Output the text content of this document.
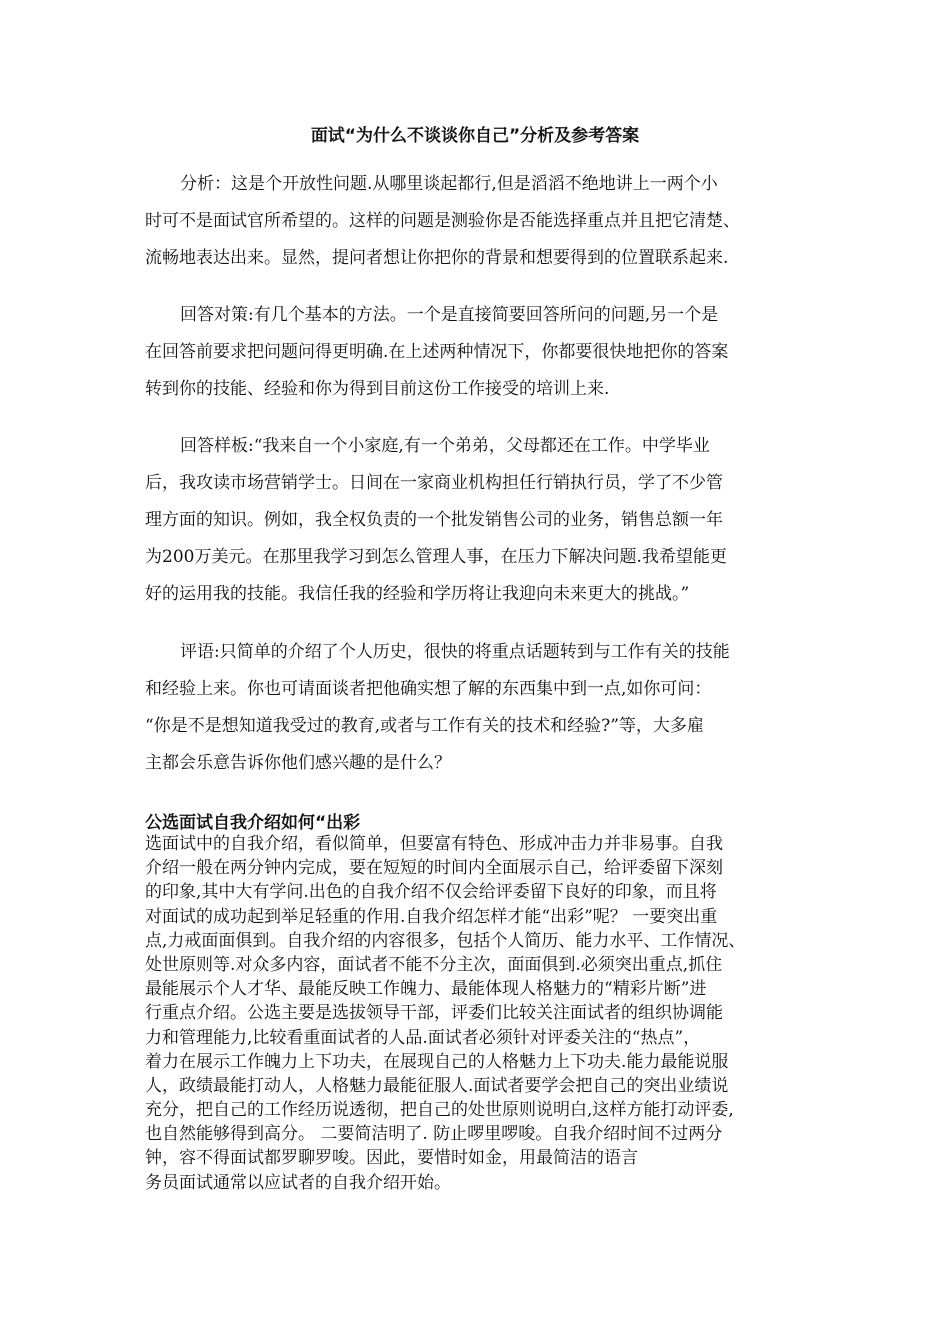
面试“为什么不谈谈你自己”分析及参考答案
分析：这是个开放性问题.从哪里谈起都行,但是滔滔不绝地讲上一两个小
时可不是面试官所希望的。这样的问题是测验你是否能选择重点并且把它清楚、
流畅地表达出来。显然，提问者想让你把你的背景和想要得到的位置联系起来.
回答对策:有几个基本的方法。一个是直接简要回答所问的问题,另一个是
在回答前要求把问题问得更明确.在上述两种情况下，你都要很快地把你的答案
转到你的技能、经验和你为得到目前这份工作接受的培训上来.
回答样板:“我来自一个小家庭,有一个弟弟，父母都还在工作。中学毕业
后，我攻读市场营销学士。日间在一家商业机构担任行销执行员，学了不少管
理方面的知识。例如，我全权负责的一个批发销售公司的业务，销售总额一年
为200万美元。在那里我学习到怎么管理人事，在压力下解决问题.我希望能更
好的运用我的技能。我信任我的经验和学历将让我迎向未来更大的挑战。”
评语:只简单的介绍了个人历史，很快的将重点话题转到与工作有关的技能
和经验上来。你也可请面谈者把他确实想了解的东西集中到一点,如你可问：
“你是不是想知道我受过的教育,或者与工作有关的技术和经验?”等，大多雇
主都会乐意告诉你他们感兴趣的是什么？
公选面试自我介绍如何“出彩
选面试中的自我介绍，看似简单，但要富有特色、形成冲击力并非易事。自我
介绍一般在两分钟内完成，要在短短的时间内全面展示自己，给评委留下深刻
的印象,其中大有学问.出色的自我介绍不仅会给评委留下良好的印象，而且将
对面试的成功起到举足轻重的作用.自我介绍怎样才能“出彩”呢？ 一要突出重
点,力戒面面俱到。自我介绍的内容很多，包括个人简历、能力水平、工作情况、
处世原则等.对众多内容，面试者不能不分主次，面面俱到.必须突出重点,抓住
最能展示个人才华、最能反映工作魄力、最能体现人格魅力的“精彩片断”进
行重点介绍。公选主要是选拔领导干部，评委们比较关注面试者的组织协调能
力和管理能力,比较看重面试者的人品.面试者必须针对评委关注的“热点”，
着力在展示工作魄力上下功夫，在展现自己的人格魅力上下功夫.能力最能说服
人，政绩最能打动人，人格魅力最能征服人.面试者要学会把自己的突出业绩说
充分，把自己的工作经历说透彻，把自己的处世原则说明白,这样方能打动评委,
也自然能够得到高分。 二要简洁明了. 防止啰里啰唆。自我介绍时间不过两分
钟，容不得面试都罗聊罗唆。因此，要惜时如金，用最简洁的语言
务员面试通常以应试者的自我介绍开始。
